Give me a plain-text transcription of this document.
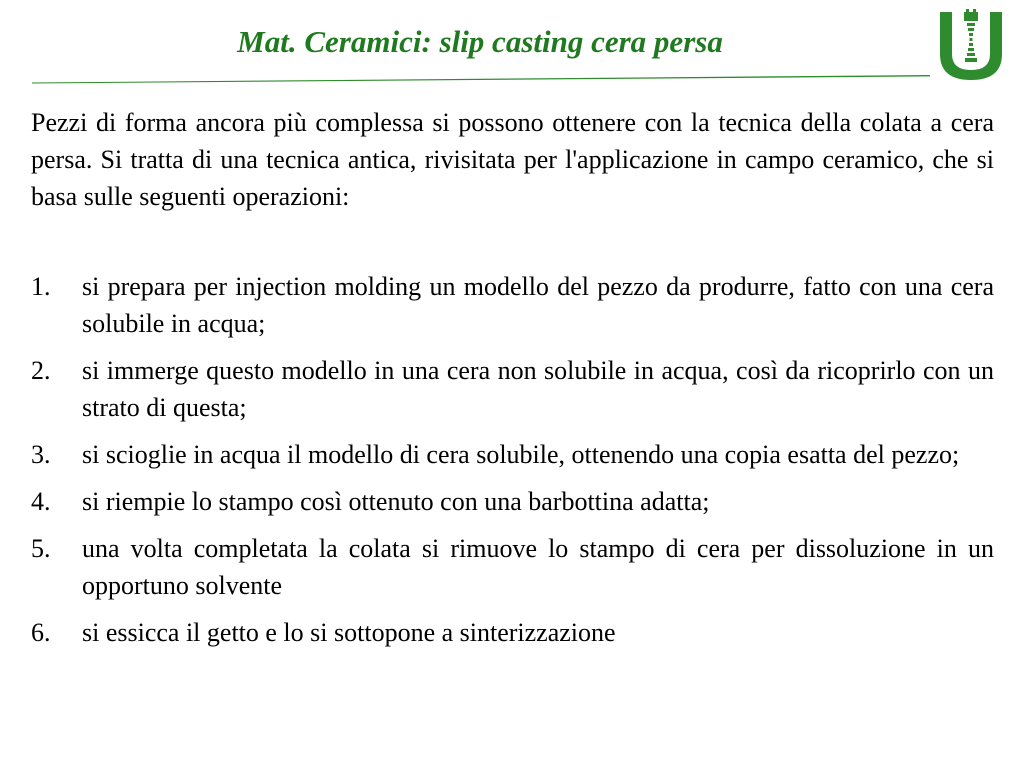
Mat. Ceramici: slip casting cera persa

Pezzi di forma ancora più complessa si possono ottenere con la tecnica della colata a cera persa. Si tratta di una tecnica antica, rivisitata per l'applicazione in campo ceramico, che si basa sulle seguenti operazioni:

1. si prepara per injection molding un modello del pezzo da produrre, fatto con una cera solubile in acqua;
2. si immerge questo modello in una cera non solubile in acqua, così da ricoprirlo con un strato di questa;
3. si scioglie in acqua il modello di cera solubile, ottenendo una copia esatta del pezzo;
4. si riempie lo stampo così ottenuto con una barbottina adatta;
5. una volta completata la colata si rimuove lo stampo di cera per dissoluzione in un opportuno solvente
6. si essicca il getto e lo si sottopone a sinterizzazione
